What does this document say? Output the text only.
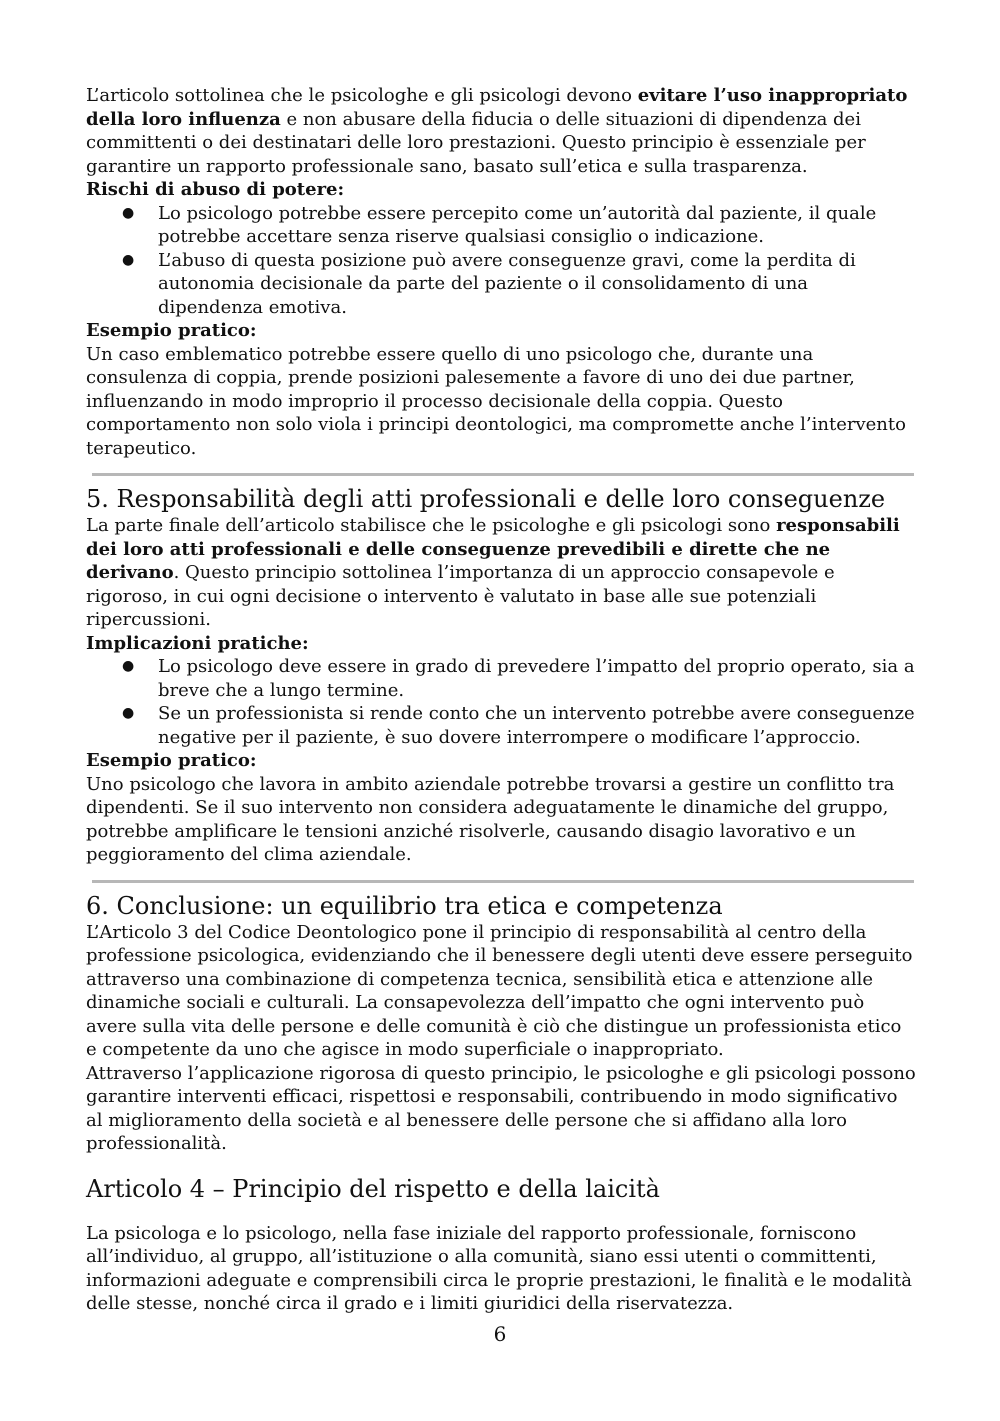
L’articolo sottolinea che le psicologhe e gli psicologi devono evitare l’uso inappropriato della loro influenza e non abusare della fiducia o delle situazioni di dipendenza dei committenti o dei destinatari delle loro prestazioni. Questo principio è essenziale per garantire un rapporto professionale sano, basato sull’etica e sulla trasparenza.

Rischi di abuso di potere:

● Lo psicologo potrebbe essere percepito come un’autorità dal paziente, il quale potrebbe accettare senza riserve qualsiasi consiglio o indicazione.
● L’abuso di questa posizione può avere conseguenze gravi, come la perdita di autonomia decisionale da parte del paziente o il consolidamento di una dipendenza emotiva.

Esempio pratico:

Un caso emblematico potrebbe essere quello di uno psicologo che, durante una consulenza di coppia, prende posizioni palesemente a favore di uno dei due partner, influenzando in modo improprio il processo decisionale della coppia. Questo comportamento non solo viola i principi deontologici, ma compromette anche l’intervento terapeutico.

5. Responsabilità degli atti professionali e delle loro conseguenze

La parte finale dell’articolo stabilisce che le psicologhe e gli psicologi sono responsabili dei loro atti professionali e delle conseguenze prevedibili e dirette che ne derivano. Questo principio sottolinea l’importanza di un approccio consapevole e rigoroso, in cui ogni decisione o intervento è valutato in base alle sue potenziali ripercussioni.

Implicazioni pratiche:

● Lo psicologo deve essere in grado di prevedere l’impatto del proprio operato, sia a breve che a lungo termine.
● Se un professionista si rende conto che un intervento potrebbe avere conseguenze negative per il paziente, è suo dovere interrompere o modificare l’approccio.

Esempio pratico:

Uno psicologo che lavora in ambito aziendale potrebbe trovarsi a gestire un conflitto tra dipendenti. Se il suo intervento non considera adeguatamente le dinamiche del gruppo, potrebbe amplificare le tensioni anziché risolverle, causando disagio lavorativo e un peggioramento del clima aziendale.

6. Conclusione: un equilibrio tra etica e competenza

L’Articolo 3 del Codice Deontologico pone il principio di responsabilità al centro della professione psicologica, evidenziando che il benessere degli utenti deve essere perseguito attraverso una combinazione di competenza tecnica, sensibilità etica e attenzione alle dinamiche sociali e culturali. La consapevolezza dell’impatto che ogni intervento può avere sulla vita delle persone e delle comunità è ciò che distingue un professionista etico e competente da uno che agisce in modo superficiale o inappropriato.

Attraverso l’applicazione rigorosa di questo principio, le psicologhe e gli psicologi possono garantire interventi efficaci, rispettosi e responsabili, contribuendo in modo significativo al miglioramento della società e al benessere delle persone che si affidano alla loro professionalità.

Articolo 4 – Principio del rispetto e della laicità

La psicologa e lo psicologo, nella fase iniziale del rapporto professionale, forniscono all’individuo, al gruppo, all’istituzione o alla comunità, siano essi utenti o committenti, informazioni adeguate e comprensibili circa le proprie prestazioni, le finalità e le modalità delle stesse, nonché circa il grado e i limiti giuridici della riservatezza.

6
